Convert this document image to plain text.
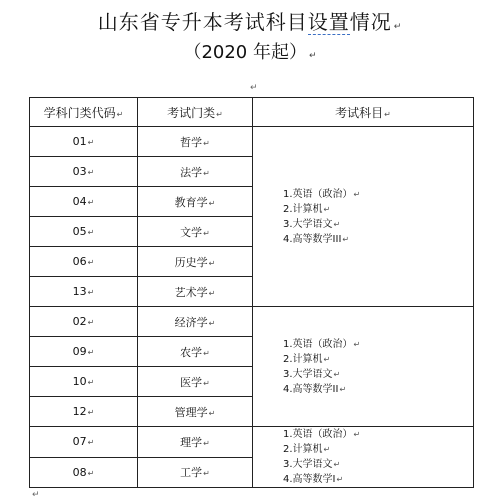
山东省专升本考试科目设置情况 ↵
（2020 年起） ↵
↵
学科门类代码↵	考试门类↵	考试科目↵
01↵	哲学↵	1.英语（政治）↵
2.计算机↵
3.大学语文↵
4.高等数学III↵

03↵	法学↵	
04↵	教育学↵	
05↵	文学↵	
06↵	历史学↵	
13↵	艺术学↵	
02↵	经济学↵	1.英语（政治）↵
2.计算机↵
3.大学语文↵
4.高等数学II↵

09↵	农学↵	
10↵	医学↵	
12↵	管理学↵	
07↵	理学↵	1.英语（政治）↵
2.计算机↵
3.大学语文↵
4.高等数学I↵

08↵	工学↵	
↵
